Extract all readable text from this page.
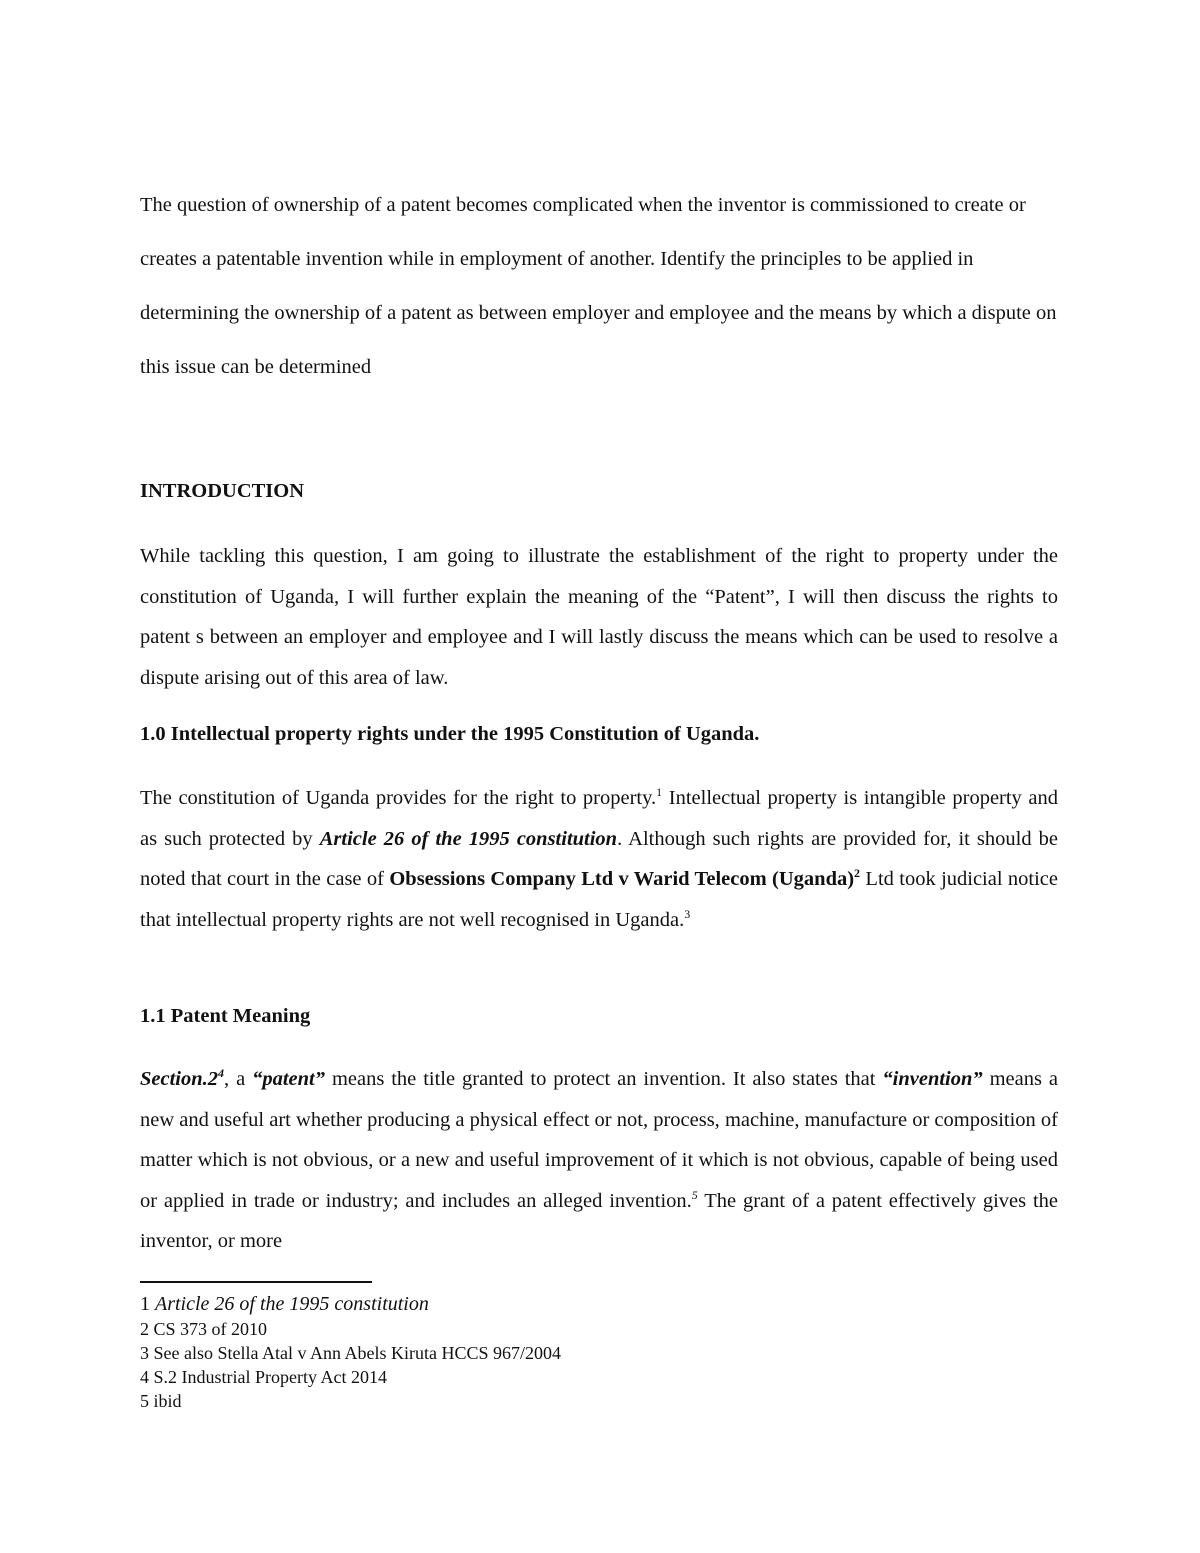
The question of ownership of a patent becomes complicated when the inventor is commissioned to create or creates a patentable invention while in employment of another. Identify the principles to be applied in determining the ownership of a patent as between employer and employee and the means by which a dispute on this issue can be determined

INTRODUCTION

While tackling this question, I am going to illustrate the establishment of the right to property under the constitution of Uganda, I will further explain the meaning of the “Patent”, I will then discuss the rights to patent s between an employer and employee and I will lastly discuss the means which can be used to resolve a dispute arising out of this area of law.

1.0 Intellectual property rights under the 1995 Constitution of Uganda.

The constitution of Uganda provides for the right to property.$^1$ Intellectual property is intangible property and as such protected by Article 26 of the 1995 constitution. Although such rights are provided for, it should be noted that court in the case of Obsessions Company Ltd v Warid Telecom (Uganda)$^2$ Ltd took judicial notice that intellectual property rights are not well recognised in Uganda.$^3$

1.1 Patent Meaning

$Section.2^4$, a “patent” means the title granted to protect an invention. It also states that “invention” means a new and useful art whether producing a physical effect or not, process, machine, manufacture or composition of matter which is not obvious, or a new and useful improvement of it which is not obvious, capable of being used or applied in trade or industry; and includes an alleged invention.$^5$ The grant of a patent effectively gives the inventor, or more

1 Article 26 of the 1995 constitution

2 CS 373 of 2010

3 See also Stella Atal v Ann Abels Kiruta HCCS 967/2004

4 S.2 Industrial Property Act 2014

5 ibid
